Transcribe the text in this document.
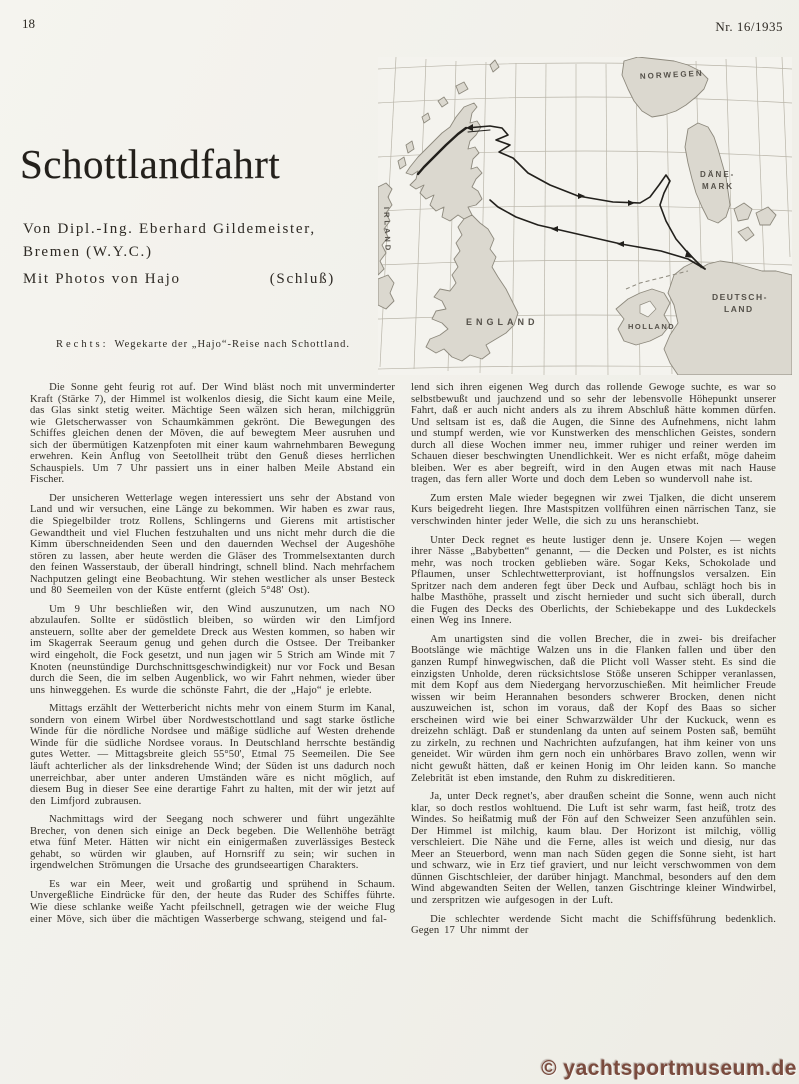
18	Nr. 16/1935
Schottlandfahrt
Von Dipl.-Ing. Eberhard Gildemeister,
Bremen (W.Y.C.)
Mit Photos von Hajo	(Schluß)
Rechts: Wegekarte der „Hajo“-Reise nach Schottland.
NORWEGEN
DÄNE-
MARK
DEUTSCH-
LAND
HOLLAND
ENGLAND
IRLAND

Die Sonne geht feurig rot auf. Der Wind bläst noch mit unverminderter Kraft (Stärke 7), der Himmel ist wolkenlos diesig, die Sicht kaum eine Meile, das Glas sinkt stetig weiter. Mächtige Seen wälzen sich heran, milchiggrün wie Gletscherwasser von Schaumkämmen gekrönt. Die Bewegungen des Schiffes gleichen denen der Möven, die auf bewegtem Meer ausruhen und sich der übermütigen Katzenpfoten mit einer kaum wahrnehmbaren Bewegung erwehren. Kein Anflug von Seetollheit trübt den Genuß dieses herrlichen Schauspiels. Um 7 Uhr passiert uns in einer halben Meile Abstand ein Fischer.

Der unsicheren Wetterlage wegen interessiert uns sehr der Abstand von Land und wir versuchen, eine Länge zu bekommen. Wir haben es zwar raus, die Spiegelbilder trotz Rollens, Schlingerns und Gierens mit artistischer Gewandtheit und viel Fluchen festzuhalten und uns nicht mehr durch die die Kimm überschneidenden Seen und den dauernden Wechsel der Augeshöhe stören zu lassen, aber heute werden die Gläser des Trommelsextanten durch den feinen Wasserstaub, der überall hindringt, schnell blind. Nach mehrfachem Nachputzen gelingt eine Beobachtung. Wir stehen westlicher als unser Besteck und 80 Seemeilen von der Küste entfernt (gleich 5°48' Ost).

Um 9 Uhr beschließen wir, den Wind auszunutzen, um nach NO abzulaufen. Sollte er südöstlich bleiben, so würden wir den Limfjord ansteuern, sollte aber der gemeldete Dreck aus Westen kommen, so haben wir im Skagerrak Seeraum genug und gehen durch die Ostsee. Der Treibanker wird eingeholt, die Fock gesetzt, und nun jagen wir 5 Strich am Winde mit 7 Knoten (neunstündige Durchschnittsgeschwindigkeit) nur vor Fock und Besan durch die Seen, die im selben Augenblick, wo wir Fahrt nehmen, wieder über uns hinweggehen. Es wurde die schönste Fahrt, die der „Hajo“ je erlebte.

Mittags erzählt der Wetterbericht nichts mehr von einem Sturm im Kanal, sondern von einem Wirbel über Nordwestschottland und sagt starke östliche Winde für die nördliche Nordsee und mäßige südliche auf Westen drehende Winde für die südliche Nordsee voraus. In Deutschland herrschte beständig gutes Wetter. — Mittagsbreite gleich 55°50', Etmal 75 Seemeilen. Die See läuft achterlicher als der linksdrehende Wind; der Süden ist uns dadurch noch unerreichbar, aber unter anderen Umständen wäre es nicht möglich, auf diesem Bug in dieser See eine derartige Fahrt zu halten, mit der wir jetzt auf den Limfjord zubrausen.

Nachmittags wird der Seegang noch schwerer und führt ungezählte Brecher, von denen sich einige an Deck begeben. Die Wellenhöhe beträgt etwa fünf Meter. Hätten wir nicht ein einigermaßen zuverlässiges Besteck gehabt, so würden wir glauben, auf Hornsriff zu sein; wir suchen in irgendwelchen Strömungen die Ursache des grundseeartigen Charakters.

Es war ein Meer, weit und großartig und sprühend in Schaum. Unvergeßliche Eindrücke für den, der heute das Ruder des Schiffes führte. Wie diese schlanke weiße Yacht pfeilschnell, getragen wie der weiche Flug einer Möve, sich über die mächtigen Wasserberge schwang, steigend und fal-

lend sich ihren eigenen Weg durch das rollende Gewoge suchte, es war so selbstbewußt und jauchzend und so sehr der lebensvolle Höhepunkt unserer Fahrt, daß er auch nicht anders als zu ihrem Abschluß hätte kommen dürfen. Und seltsam ist es, daß die Augen, die Sinne des Aufnehmens, nicht lahm und stumpf werden, wie vor Kunstwerken des menschlichen Geistes, sondern durch all diese Wochen immer neu, immer ruhiger und reiner werden im Schauen dieser beschwingten Unendlichkeit. Wer es nicht erfaßt, möge daheim bleiben. Wer es aber begreift, wird in den Augen etwas mit nach Hause tragen, das fern aller Worte und doch dem Leben so wundervoll nahe ist.

Zum ersten Male wieder begegnen wir zwei Tjalken, die dicht unserem Kurs beigedreht liegen. Ihre Mastspitzen vollführen einen närrischen Tanz, sie verschwinden hinter jeder Welle, die sich zu uns heranschiebt.

Unter Deck regnet es heute lustiger denn je. Unsere Kojen — wegen ihrer Nässe „Babybetten“ genannt, — die Decken und Polster, es ist nichts mehr, was noch trocken geblieben wäre. Sogar Keks, Schokolade und Pflaumen, unser Schlechtwetterproviant, ist hoffnungslos versalzen. Ein Spritzer nach dem anderen fegt über Deck und Aufbau, schlägt hoch bis in halbe Masthöhe, prasselt und zischt hernieder und sucht sich überall, durch die Fugen des Decks des Oberlichts, der Schiebekappe und des Lukdeckels einen Weg ins Innere.

Am unartigsten sind die vollen Brecher, die in zwei- bis dreifacher Bootslänge wie mächtige Walzen uns in die Flanken fallen und über den ganzen Rumpf hinwegwischen, daß die Plicht voll Wasser steht. Es sind die einzigsten Unholde, deren rücksichtslose Stöße unseren Schipper veranlassen, mit dem Kopf aus dem Niedergang hervorzuschießen. Mit heimlicher Freude wissen wir beim Herannahen besonders schwerer Brocken, denen nicht auszuweichen ist, schon im voraus, daß der Kopf des Baas so sicher erscheinen wird wie bei einer Schwarzwälder Uhr der Kuckuck, wenn es dreizehn schlägt. Daß er stundenlang da unten auf seinem Posten saß, bemüht zu zirkeln, zu rechnen und Nachrichten aufzufangen, hat ihm keiner von uns geneidet. Wir würden ihm gern noch ein unhörbares Bravo zollen, wenn wir nicht gewußt hätten, daß er keinen Honig im Ohr leiden kann. So manche Zelebrität ist eben imstande, den Ruhm zu diskreditieren.

Ja, unter Deck regnet's, aber draußen scheint die Sonne, wenn auch nicht klar, so doch restlos wohltuend. Die Luft ist sehr warm, fast heiß, trotz des Windes. So heißatmig muß der Fön auf den Schweizer Seen anzufühlen sein. Der Himmel ist milchig, kaum blau. Der Horizont ist milchig, völlig verschleiert. Die Nähe und die Ferne, alles ist weich und diesig, nur das Meer an Steuerbord, wenn man nach Süden gegen die Sonne sieht, ist hart und schwarz, wie in Erz tief graviert, und nur leicht verschwommen von dem dünnen Gischtschleier, der darüber hinjagt. Manchmal, besonders auf den dem Wind abgewandten Seiten der Wellen, tanzen Gischtringe kleiner Windwirbel, und zerspritzen wie aufgesogen in der Luft.

Die schlechter werdende Sicht macht die Schiffsführung bedenklich. Gegen 17 Uhr nimmt der

© yachtsportmuseum.de
